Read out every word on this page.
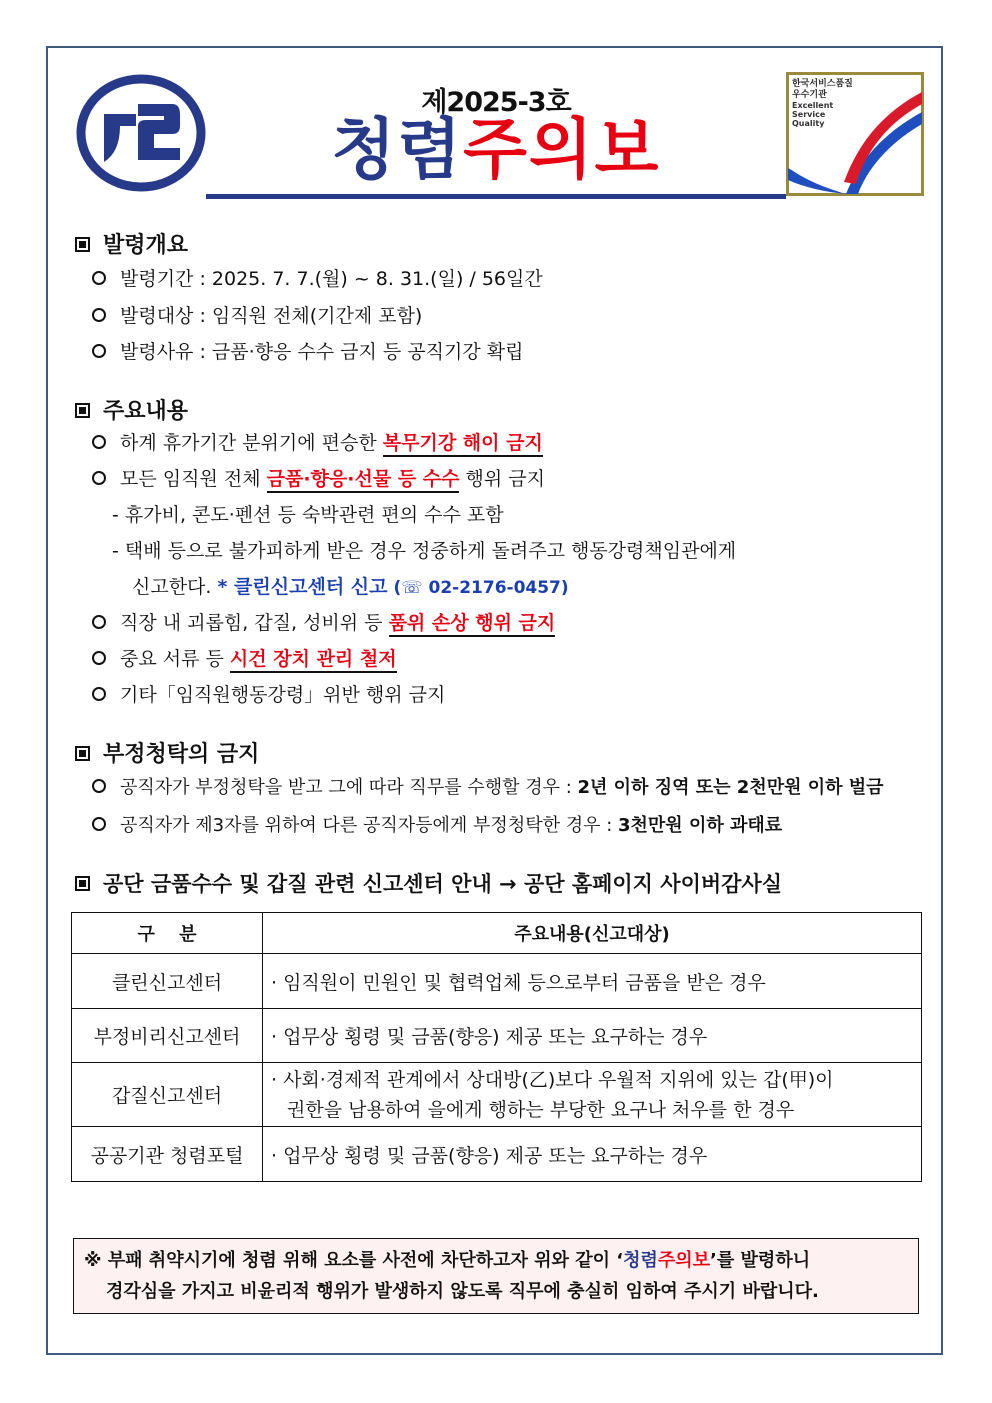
제2025-3호
청렴주의보
한국서비스품질
우수기관
Excellent
Service
Quality
발령개요
발령기간 : 2025. 7. 7.(월) ~ 8. 31.(일) / 56일간
발령대상 : 임직원 전체(기간제 포함)
발령사유 : 금품·향응 수수 금지 등 공직기강 확립
주요내용
하계 휴가기간 분위기에 편승한 복무기강 해이 금지
모든 임직원 전체 금품·향응·선물 등 수수 행위 금지
- 휴가비, 콘도·펜션 등 숙박관련 편의 수수 포함
- 택배 등으로 불가피하게 받은 경우 정중하게 돌려주고 행동강령책임관에게
신고한다. * 클린신고센터 신고 (☏ 02-2176-0457)
직장 내 괴롭힘, 갑질, 성비위 등 품위 손상 행위 금지
중요 서류 등 시건 장치 관리 철저
기타「임직원행동강령」위반 행위 금지
부정청탁의 금지
공직자가 부정청탁을 받고 그에 따라 직무를 수행할 경우 : 2년 이하 징역 또는 2천만원 이하 벌금
공직자가 제3자를 위하여 다른 공직자등에게 부정청탁한 경우 : 3천만원 이하 과태료
공단 금품수수 및 갑질 관련 신고센터 안내 → 공단 홈페이지 사이버감사실
구　 분	주요내용(신고대상)
클린신고센터	· 임직원이 민원인 및 협력업체 등으로부터 금품을 받은 경우
부정비리신고센터	· 업무상 횡령 및 금품(향응) 제공 또는 요구하는 경우
갑질신고센터	· 사회·경제적 관계에서 상대방(乙)보다 우월적 지위에 있는 갑(甲)이
권한을 남용하여 을에게 행하는 부당한 요구나 처우를 한 경우

공공기관 청렴포털	· 업무상 횡령 및 금품(향응) 제공 또는 요구하는 경우
※ 부패 취약시기에 청렴 위해 요소를 사전에 차단하고자 위와 같이 ‘청렴주의보’를 발령하니
경각심을 가지고 비윤리적 행위가 발생하지 않도록 직무에 충실히 임하여 주시기 바랍니다.
